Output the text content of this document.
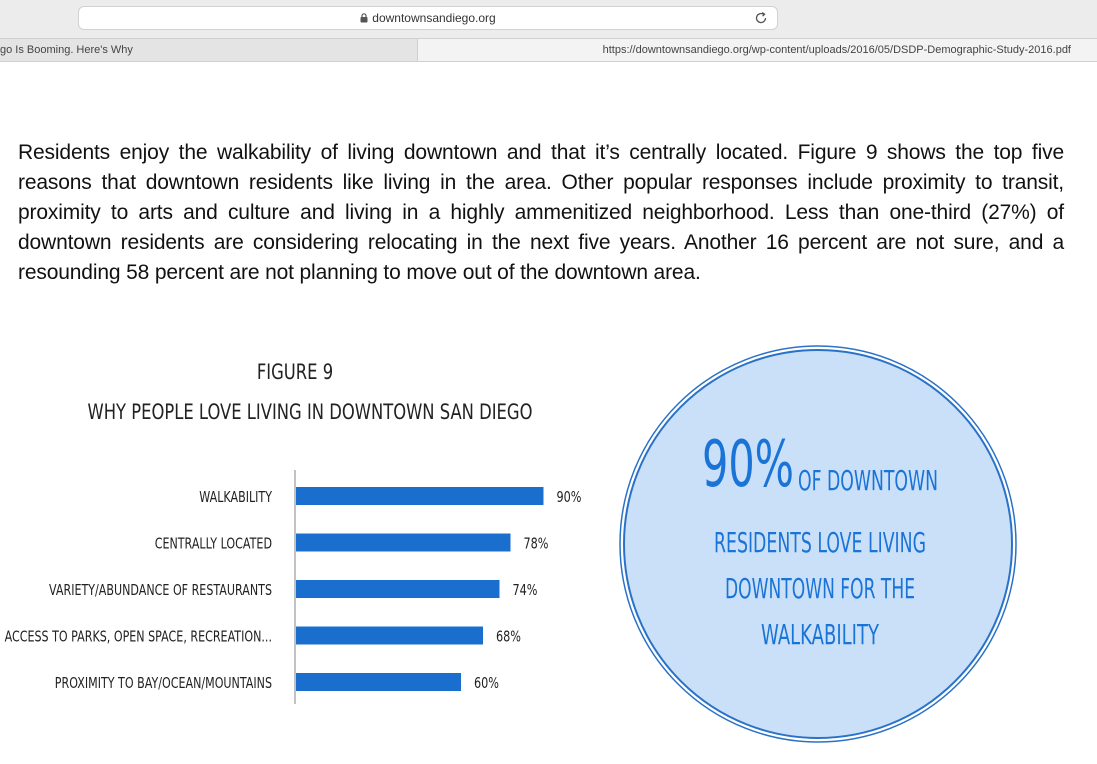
downtownsandiego.org
go Is Booming. Here's Why	https://downtownsandiego.org/wp-content/uploads/2016/05/DSDP-Demographic-Study-2016.pdf
Residents enjoy the walkability of living downtown and that it’s centrally located. Figure 9 shows the top five reasons that downtown residents like living in the area. Other popular responses include proximity to transit, proximity to arts and culture and living in a highly ammenitized neighborhood. Less than one-third (27%) of downtown residents are considering relocating in the next five years. Another 16 percent are not sure, and a resounding 58 percent are not planning to move out of the downtown area.
FIGURE 9
WHY PEOPLE LOVE LIVING IN DOWNTOWN SAN DIEGO
WALKABILITY	90%
CENTRALLY LOCATED	78%
VARIETY/ABUNDANCE OF RESTAURANTS	74%
ACCESS TO PARKS, OPEN SPACE, RECREATION...	68%
PROXIMITY TO BAY/OCEAN/MOUNTAINS	60%
90% OF DOWNTOWN
RESIDENTS LOVE LIVING
DOWNTOWN FOR THE
WALKABILITY
